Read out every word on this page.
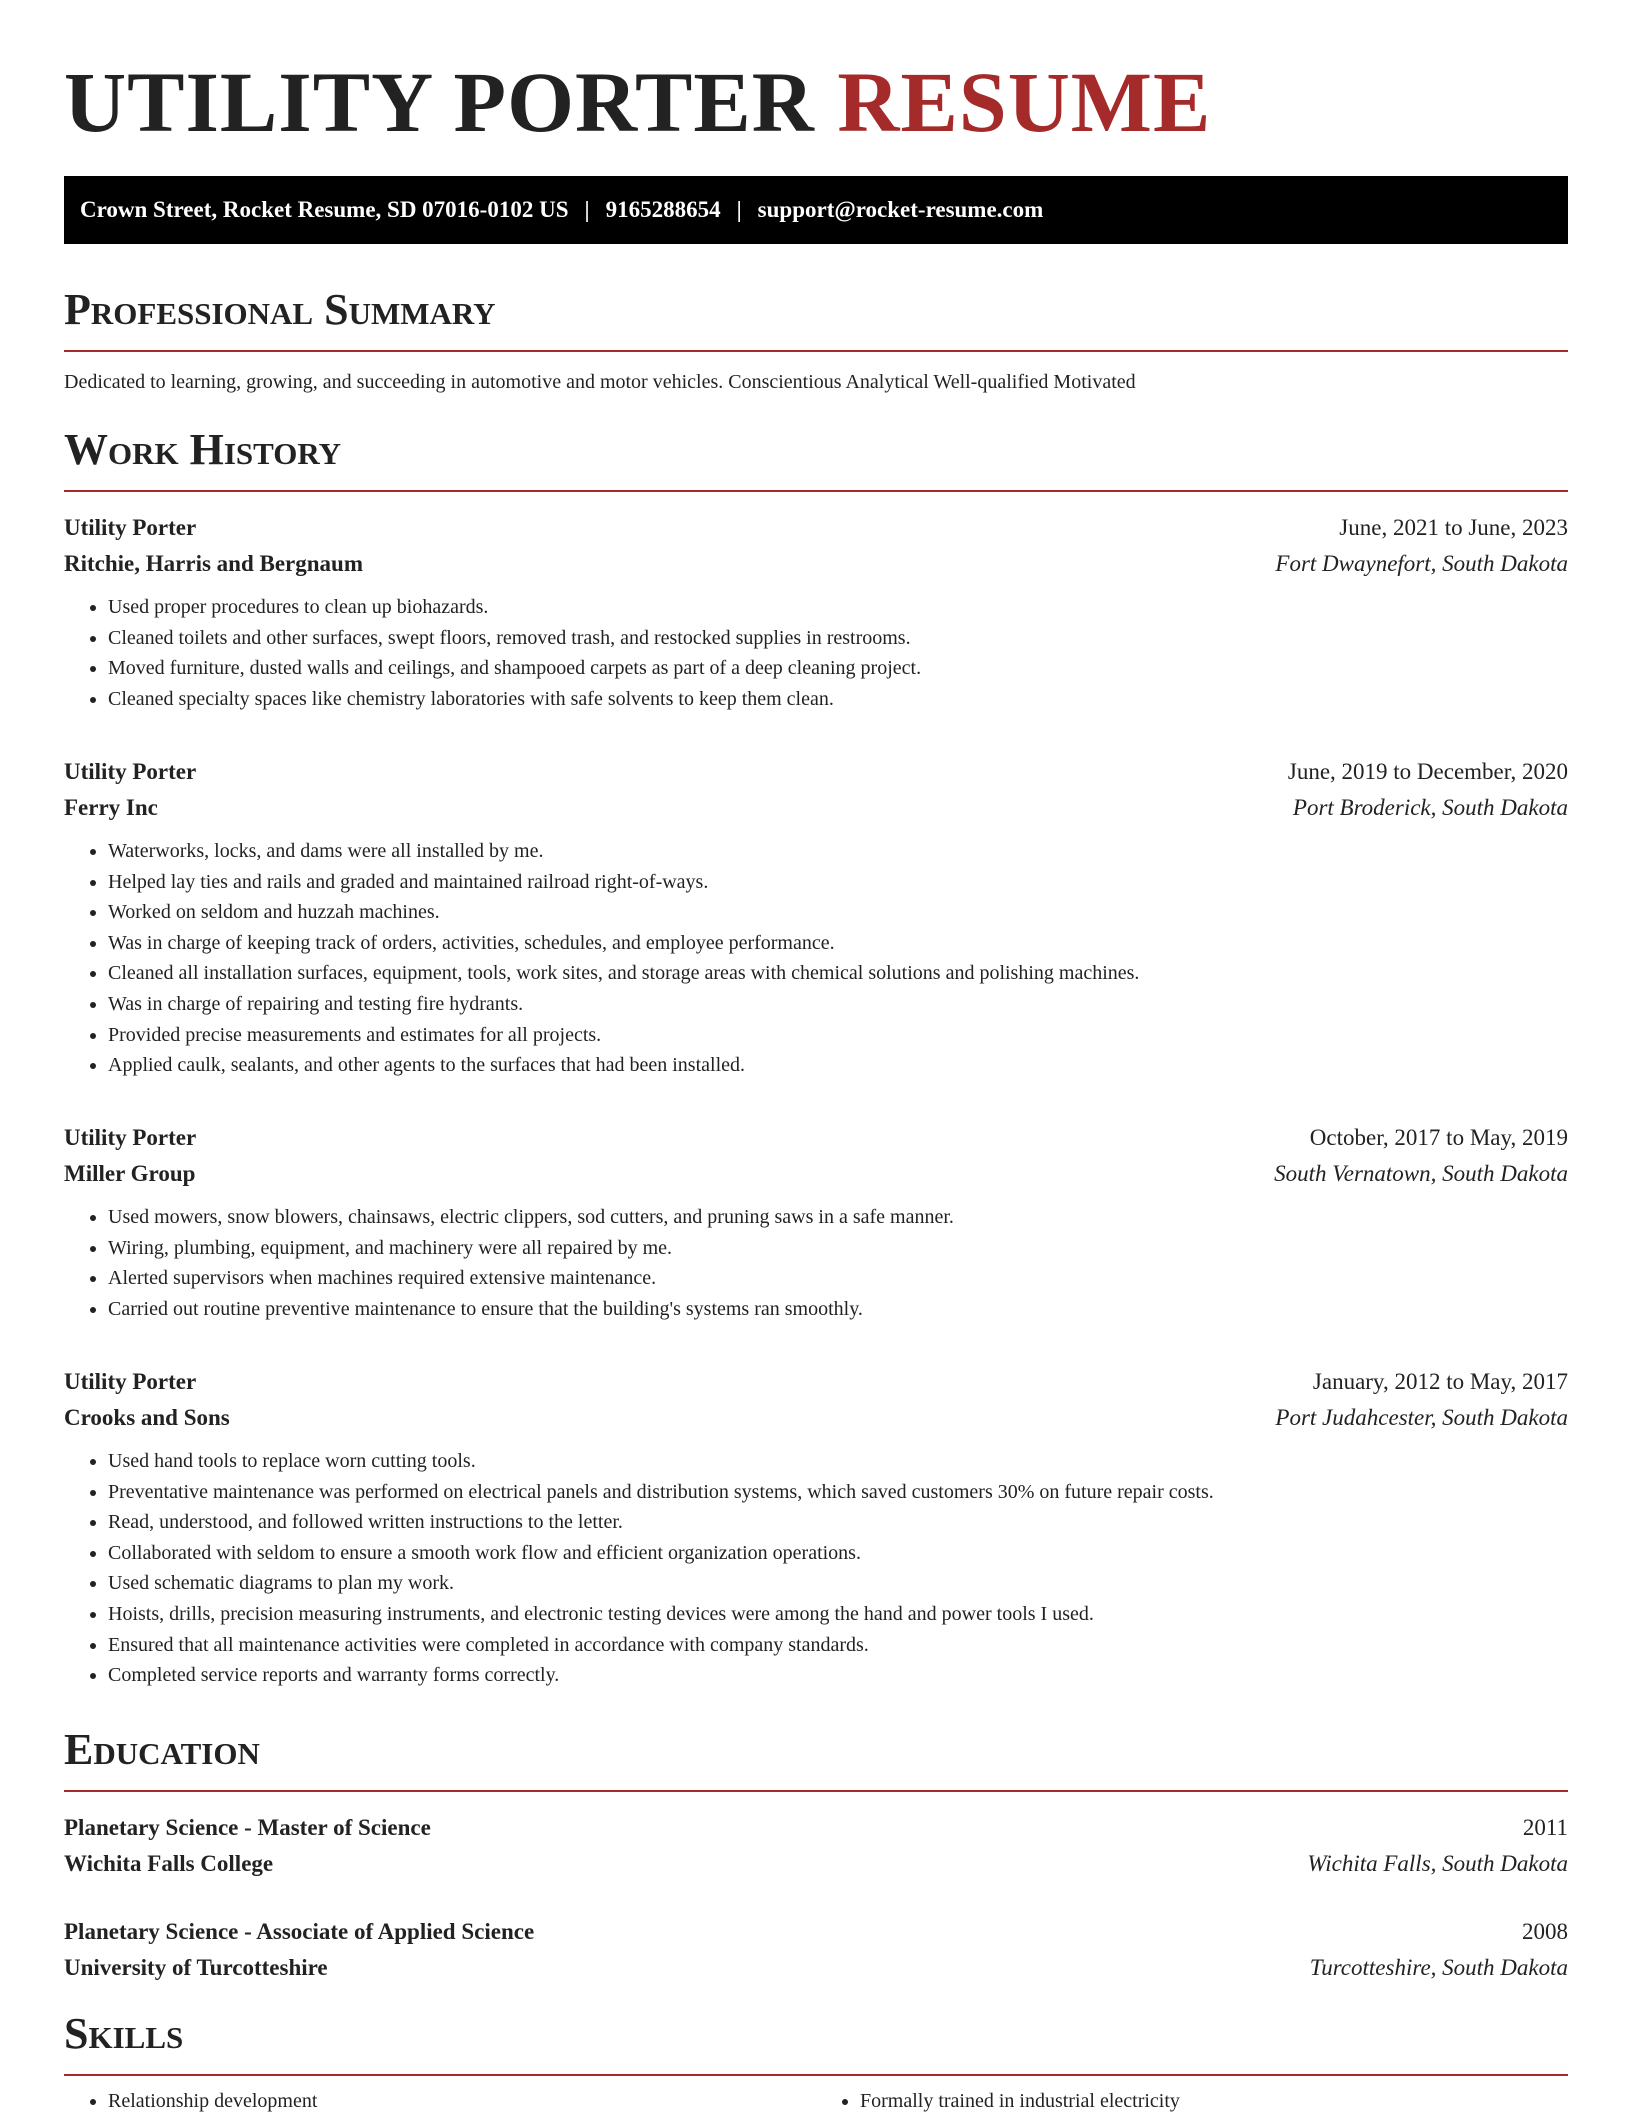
UTILITY PORTER RESUME
Crown Street, Rocket Resume, SD 07016-0102 US | 9165288654 | support@rocket-resume.com
Professional Summary

Dedicated to learning, growing, and succeeding in automotive and motor vehicles. Conscientious Analytical Well-qualified Motivated

Work History
Utility Porter	June, 2021 to June, 2023
Ritchie, Harris and Bergnaum	Fort Dwaynefort, South Dakota
• Used proper procedures to clean up biohazards.
• Cleaned toilets and other surfaces, swept floors, removed trash, and restocked supplies in restrooms.
• Moved furniture, dusted walls and ceilings, and shampooed carpets as part of a deep cleaning project.
• Cleaned specialty spaces like chemistry laboratories with safe solvents to keep them clean.
Utility Porter	June, 2019 to December, 2020
Ferry Inc	Port Broderick, South Dakota
• Waterworks, locks, and dams were all installed by me.
• Helped lay ties and rails and graded and maintained railroad right-of-ways.
• Worked on seldom and huzzah machines.
• Was in charge of keeping track of orders, activities, schedules, and employee performance.
• Cleaned all installation surfaces, equipment, tools, work sites, and storage areas with chemical solutions and polishing machines.
• Was in charge of repairing and testing fire hydrants.
• Provided precise measurements and estimates for all projects.
• Applied caulk, sealants, and other agents to the surfaces that had been installed.
Utility Porter	October, 2017 to May, 2019
Miller Group	South Vernatown, South Dakota
• Used mowers, snow blowers, chainsaws, electric clippers, sod cutters, and pruning saws in a safe manner.
• Wiring, plumbing, equipment, and machinery were all repaired by me.
• Alerted supervisors when machines required extensive maintenance.
• Carried out routine preventive maintenance to ensure that the building's systems ran smoothly.
Utility Porter	January, 2012 to May, 2017
Crooks and Sons	Port Judahcester, South Dakota
• Used hand tools to replace worn cutting tools.
• Preventative maintenance was performed on electrical panels and distribution systems, which saved customers 30% on future repair costs.
• Read, understood, and followed written instructions to the letter.
• Collaborated with seldom to ensure a smooth work flow and efficient organization operations.
• Used schematic diagrams to plan my work.
• Hoists, drills, precision measuring instruments, and electronic testing devices were among the hand and power tools I used.
• Ensured that all maintenance activities were completed in accordance with company standards.
• Completed service reports and warranty forms correctly.
Education
Planetary Science - Master of Science	2011
Wichita Falls College	Wichita Falls, South Dakota
Planetary Science - Associate of Applied Science	2008
University of Turcotteshire	Turcotteshire, South Dakota
Skills
• Relationship development
•	Formally trained in industrial electricity
